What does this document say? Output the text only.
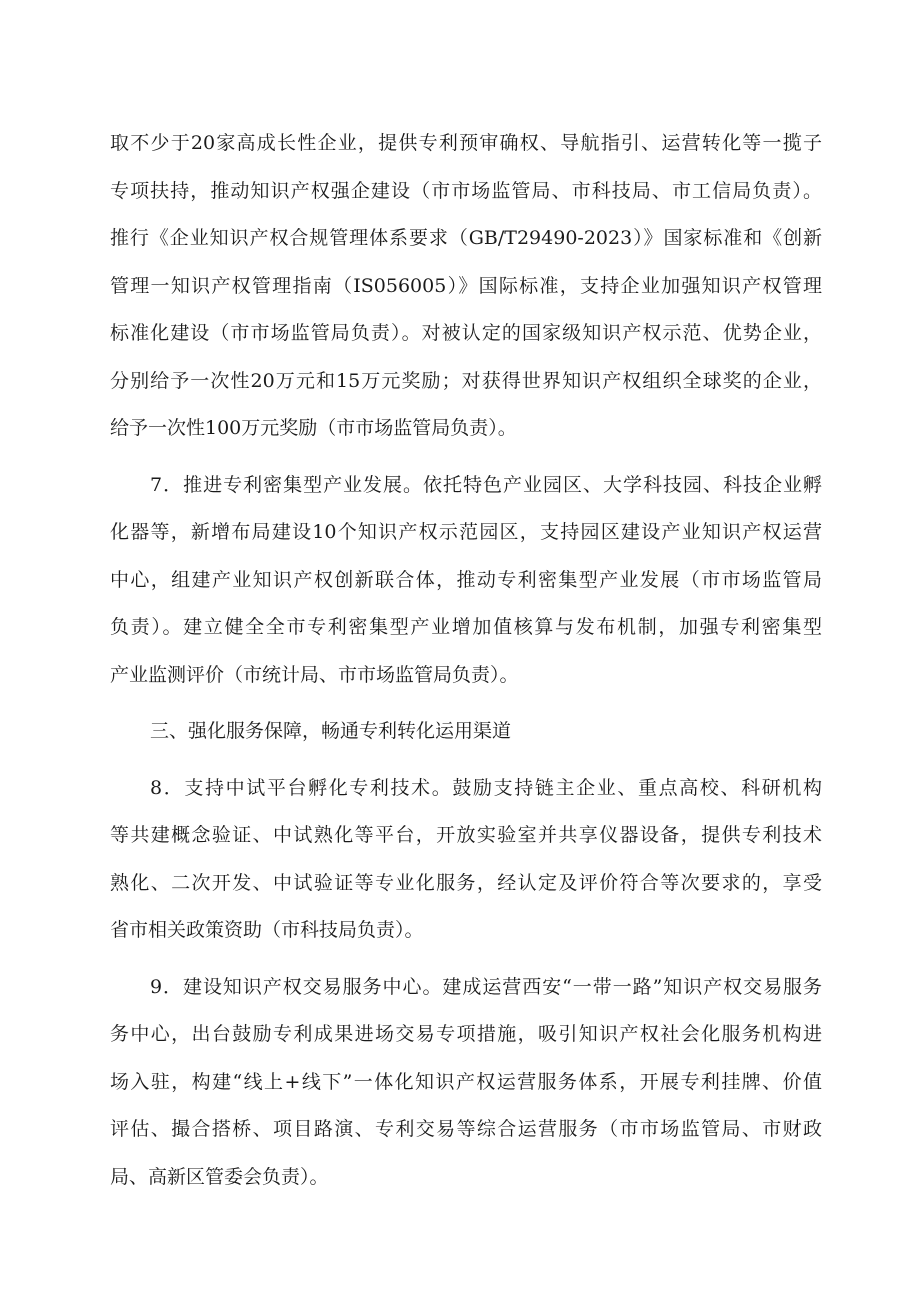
取不少于20家高成长性企业，提供专利预审确权、导航指引、运营转化等一揽子
专项扶持，推动知识产权强企建设（市市场监管局、市科技局、市工信局负责）。
推行《企业知识产权合规管理体系要求（GB/T29490-2023）》国家标准和《创新
管理一知识产权管理指南（IS056005）》国际标准，支持企业加强知识产权管理
标准化建设（市市场监管局负责）。对被认定的国家级知识产权示范、优势企业，
分别给予一次性20万元和15万元奖励；对获得世界知识产权组织全球奖的企业，
给予一次性100万元奖励（市市场监管局负责）。
7．推进专利密集型产业发展。依托特色产业园区、大学科技园、科技企业孵
化器等，新增布局建设10个知识产权示范园区，支持园区建设产业知识产权运营
中心，组建产业知识产权创新联合体，推动专利密集型产业发展（市市场监管局
负责）。建立健全全市专利密集型产业增加值核算与发布机制，加强专利密集型
产业监测评价（市统计局、市市场监管局负责）。
三、强化服务保障，畅通专利转化运用渠道
8．支持中试平台孵化专利技术。鼓励支持链主企业、重点高校、科研机构
等共建概念验证、中试熟化等平台，开放实验室并共享仪器设备，提供专利技术
熟化、二次开发、中试验证等专业化服务，经认定及评价符合等次要求的，享受
省市相关政策资助（市科技局负责）。
9．建设知识产权交易服务中心。建成运营西安“一带一路”知识产权交易服务
务中心，出台鼓励专利成果进场交易专项措施，吸引知识产权社会化服务机构进
场入驻，构建“线上+线下”一体化知识产权运营服务体系，开展专利挂牌、价值
评估、撮合搭桥、项目路演、专利交易等综合运营服务（市市场监管局、市财政
局、高新区管委会负责）。
